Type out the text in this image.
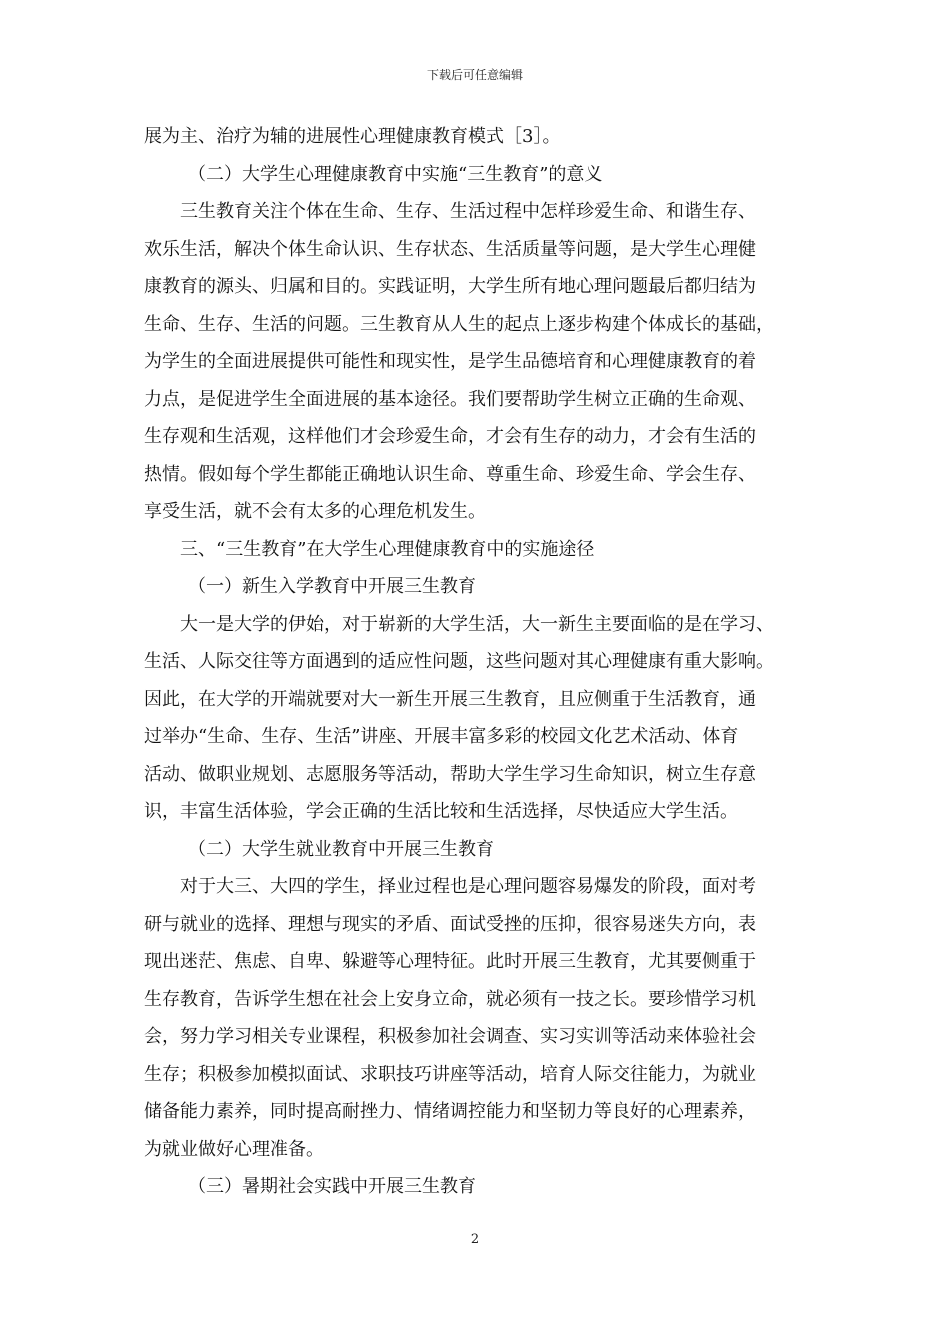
下载后可任意编辑
展为主、治疗为辅的进展性心理健康教育模式［3］。
（二）大学生心理健康教育中实施“三生教育”的意义
三生教育关注个体在生命、生存、生活过程中怎样珍爱生命、和谐生存、
欢乐生活，解决个体生命认识、生存状态、生活质量等问题，是大学生心理健
康教育的源头、归属和目的。实践证明，大学生所有地心理问题最后都归结为
生命、生存、生活的问题。三生教育从人生的起点上逐步构建个体成长的基础，
为学生的全面进展提供可能性和现实性，是学生品德培育和心理健康教育的着
力点，是促进学生全面进展的基本途径。我们要帮助学生树立正确的生命观、
生存观和生活观，这样他们才会珍爱生命，才会有生存的动力，才会有生活的
热情。假如每个学生都能正确地认识生命、尊重生命、珍爱生命、学会生存、
享受生活，就不会有太多的心理危机发生。
三、“三生教育”在大学生心理健康教育中的实施途径
（一）新生入学教育中开展三生教育
大一是大学的伊始，对于崭新的大学生活，大一新生主要面临的是在学习、
生活、人际交往等方面遇到的适应性问题，这些问题对其心理健康有重大影响。
因此，在大学的开端就要对大一新生开展三生教育，且应侧重于生活教育，通
过举办“生命、生存、生活”讲座、开展丰富多彩的校园文化艺术活动、体育
活动、做职业规划、志愿服务等活动，帮助大学生学习生命知识，树立生存意
识，丰富生活体验，学会正确的生活比较和生活选择，尽快适应大学生活。
（二）大学生就业教育中开展三生教育
对于大三、大四的学生，择业过程也是心理问题容易爆发的阶段，面对考
研与就业的选择、理想与现实的矛盾、面试受挫的压抑，很容易迷失方向，表
现出迷茫、焦虑、自卑、躲避等心理特征。此时开展三生教育，尤其要侧重于
生存教育，告诉学生想在社会上安身立命，就必须有一技之长。要珍惜学习机
会，努力学习相关专业课程，积极参加社会调查、实习实训等活动来体验社会
生存；积极参加模拟面试、求职技巧讲座等活动，培育人际交往能力，为就业
储备能力素养，同时提高耐挫力、情绪调控能力和坚韧力等良好的心理素养，
为就业做好心理准备。
（三）暑期社会实践中开展三生教育
2
